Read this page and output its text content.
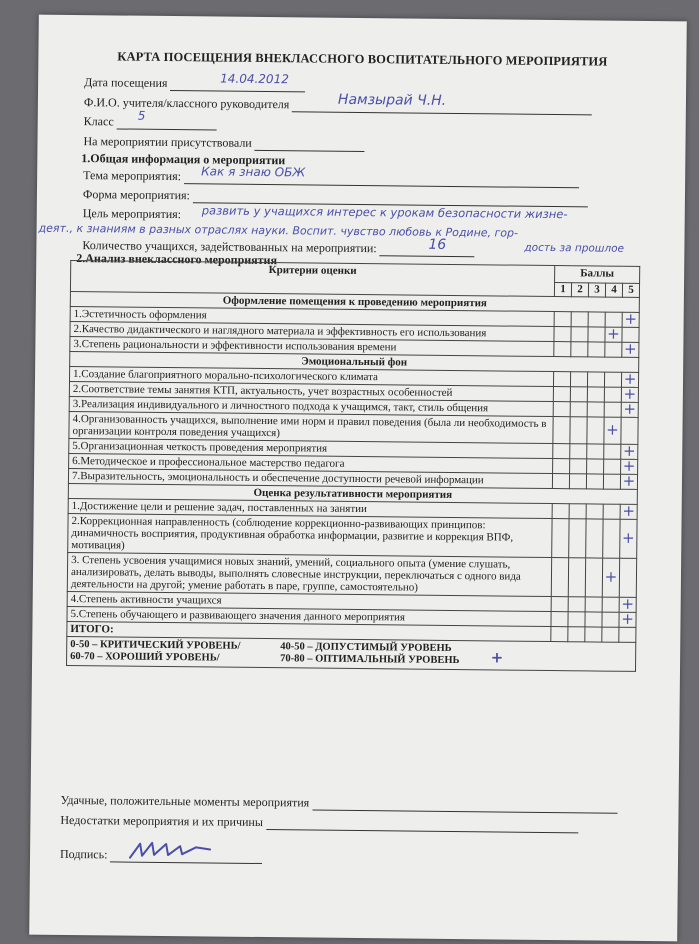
КАРТА ПОСЕЩЕНИЯ ВНЕКЛАССНОГО ВОСПИТАТЕЛЬНОГО МЕРОПРИЯТИЯ
Дата посещения	14.04.2012
Ф.И.О. учителя/классного руководителя	Намзырай Ч.Н.
Класс	5
На мероприятии присутствовали
1.Общая информация о мероприятии
Тема мероприятия:	Как я знаю ОБЖ
Форма мероприятия:
Цель мероприятия: развить у учащихся интерес к урокам безопасности жизне-
деят., к знаниям в разных отраслях науки. Воспит. чувство любовь к Родине, гор-
дость за прошлое
Количество учащихся, задействованных на мероприятии:	16
2.Анализ внеклассного мероприятия
Критерии оценки	Баллы				
	1	2	3	4	5
Оформление помещения к проведению мероприятия					
1.Эстетичность оформления					+
2.Качество дидактического и наглядного материала и эффективность его использования				+	
3.Степень рациональности и эффективности использования времени					+
Эмоциональный фон					
1.Создание благоприятного морально-психологического климата					+
2.Соответствие темы занятия КТП, актуальность, учет возрастных особенностей					+
3.Реализация индивидуального и личностного подхода к учащимся, такт, стиль общения					+
4.Организованность учащихся, выполнение ими норм и правил поведения (была ли необходимость в организации контроля поведения учащихся)				+	
5.Организационная четкость проведения мероприятия					+
6.Методическое и профессиональное мастерство педагога					+
7.Выразительность, эмоциональность и обеспечение доступности речевой информации					+
Оценка результативности мероприятия					
1.Достижение цели и решение задач, поставленных на занятии					+
2.Коррекционная направленность (соблюдение коррекционно-развивающих принципов: динамичность восприятия, продуктивная обработка информации, развитие и коррекция ВПФ, мотивация)					+
3. Степень усвоения учащимися новых знаний, умений, социального опыта (умение слушать, анализировать, делать выводы, выполнять словесные инструкции, переключаться с одного вида деятельности на другой; умение работать в паре, группе, самостоятельно)				+	
4.Степень активности учащихся					+
5.Степень обучающего и развивающего значения данного мероприятия					+
ИТОГО:					

0-50 – КРИТИЧЕСКИЙ УРОВЕНЬ/ 40-50 – ДОПУСТИМЫЙ УРОВЕНЬ
60-70 – ХОРОШИЙ УРОВЕНЬ/ 70-80 – ОПТИМАЛЬНЫЙ УРОВЕНЬ +					
Удачные, положительные моменты мероприятия
Недостатки мероприятия и их причины
Подпись:
